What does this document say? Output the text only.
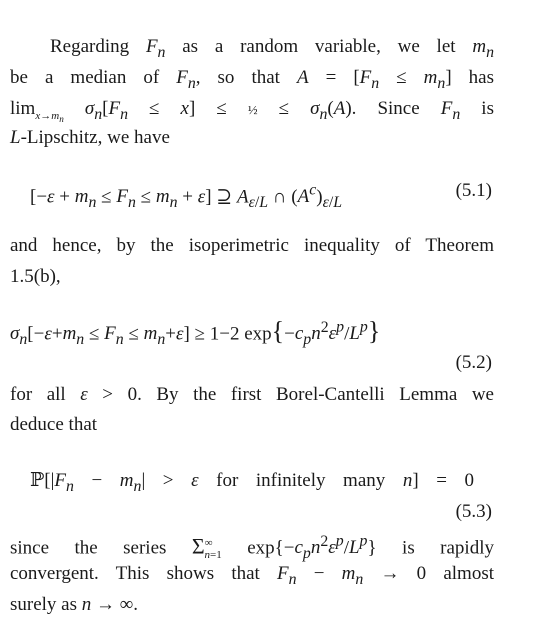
Regarding $F_n$ as a random variable, we let $m_n$
be a median of $F_n$, so that $A = [F_n \le m_n]$ has
$\lim_{x\to m_n} \sigma_n[F_n \le x]$ ≤ ½ ≤ $\sigma_n(A)$. Since $F_n$ is
L-Lipschitz, we have
$[-\varepsilon + m_n \le F_n \le m_n + \varepsilon]$ ⊇ $A_{\varepsilon/L}$ ∩ $(A^c)_{\varepsilon/L}$
(5.1)
and hence, by the isoperimetric inequality of Theorem
1.5(b),
$\sigma_n[-\varepsilon+m_n \le F_n \le m_n+\varepsilon] \ge 1-2$ $\exp\{-c_pn^2\varepsilon^p/L^p\}$
(5.2)
for all ε > 0. By the first Borel-Cantelli Lemma we
deduce that
$ℙ[|F_n - m_n| > \varepsilon$ for infinitely many n] = 0
(5.3)
since the series $\Sigma^\infty_{n=1}$ $\exp\{-c_pn^2\varepsilon^p/L^p\}$ is rapidly
convergent. This shows that $F_n - m_n \to 0$ almost
surely as n → ∞.
